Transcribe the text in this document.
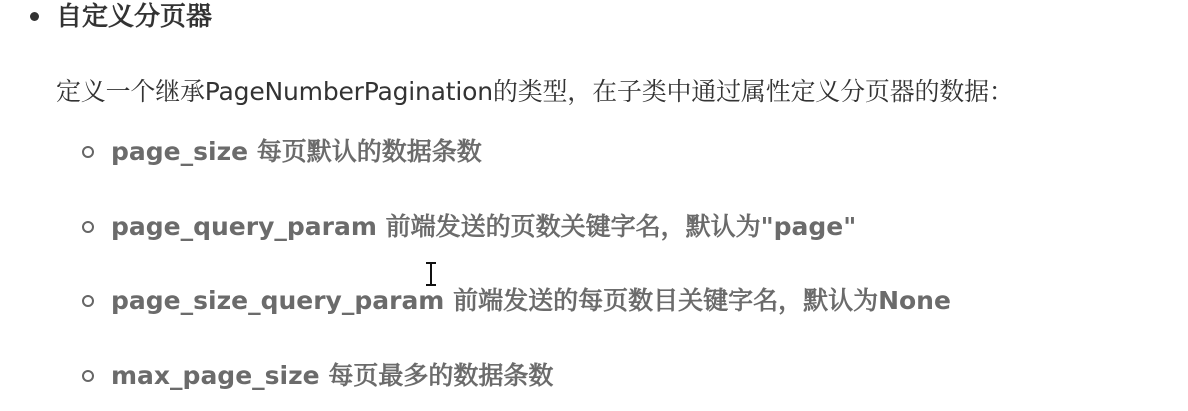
自定义分页器
定义一个继承PageNumberPagination的类型，在子类中通过属性定义分页器的数据：
page_size 每页默认的数据条数
page_query_param 前端发送的页数关键字名，默认为"page"
page_size_query_param 前端发送的每页数目关键字名，默认为None
max_page_size 每页最多的数据条数
